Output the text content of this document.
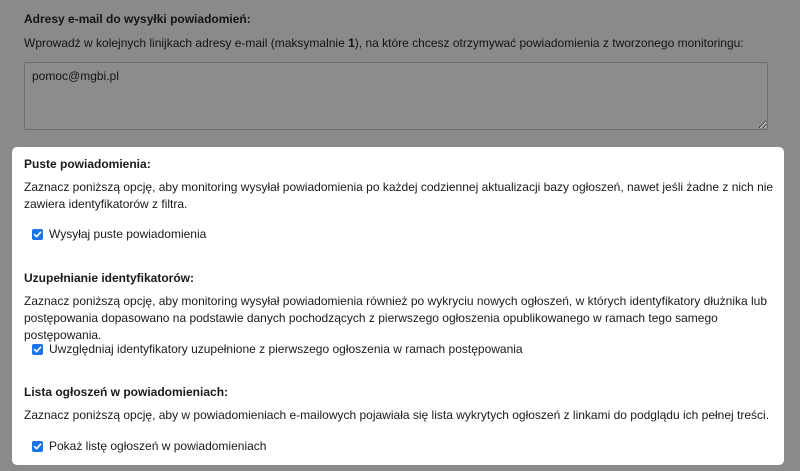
Adresy e-mail do wysyłki powiadomień:
Wprowadź w kolejnych linijkach adresy e-mail (maksymalnie 1), na które chcesz otrzymywać powiadomienia z tworzonego monitoringu:
pomoc@mgbi.pl
Puste powiadomienia:
Zaznacz poniższą opcję, aby monitoring wysyłał powiadomienia po każdej codziennej aktualizacji bazy ogłoszeń, nawet jeśli żadne z nich nie zawiera identyfikatorów z filtra.
Wysyłaj puste powiadomienia
Uzupełnianie identyfikatorów:
Zaznacz poniższą opcję, aby monitoring wysyłał powiadomienia również po wykryciu nowych ogłoszeń, w których identyfikatory dłużnika lub postępowania dopasowano na podstawie danych pochodzących z pierwszego ogłoszenia opublikowanego w ramach tego samego postępowania.
Uwzględniaj identyfikatory uzupełnione z pierwszego ogłoszenia w ramach postępowania
Lista ogłoszeń w powiadomieniach:
Zaznacz poniższą opcję, aby w powiadomieniach e-mailowych pojawiała się lista wykrytych ogłoszeń z linkami do podglądu ich pełnej treści.
Pokaż listę ogłoszeń w powiadomieniach
